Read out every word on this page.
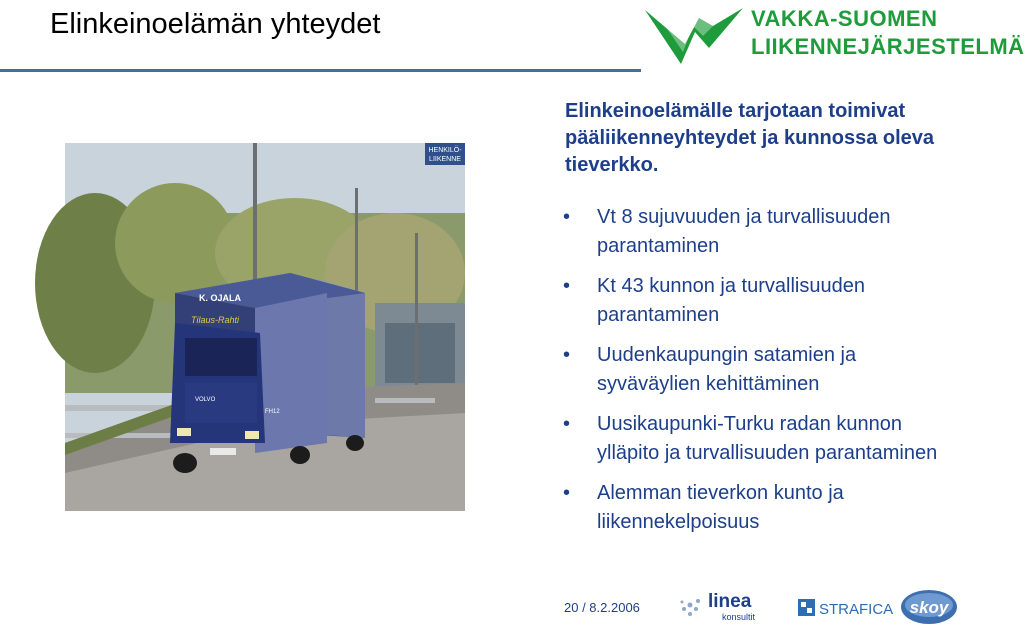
Elinkeinoelämän yhteydet	VAKKA-SUOMEN
LIIKENNEJÄRJESTELMÄ
HENKILÖ-
LIIKENNE
K. OJALA
Tilaus-Rahti
VOLVO
FH12
Elinkeinoelämälle tarjotaan toimivat pääliikenneyhteydet ja kunnossa oleva tieverkko.
• Vt 8 sujuvuuden ja turvallisuuden parantaminen
• Kt 43 kunnon ja turvallisuuden parantaminen
• Uudenkaupungin satamien ja syväväylien kehittäminen
• Uusikaupunki-Turku radan kunnon ylläpito ja turvallisuuden parantaminen
• Alemman tieverkon kunto ja liikennekelpoisuus
20 / 8.2.2006	linea
konsultit	STRAFICA skoy
